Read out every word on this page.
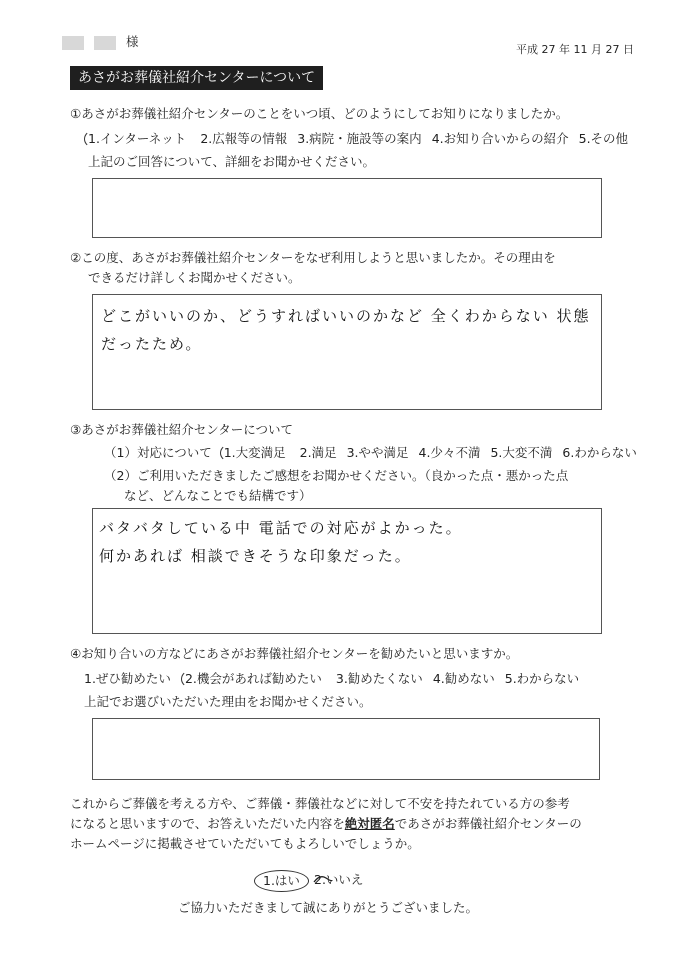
様
平成 27 年 11 月 27 日
あさがお葬儀社紹介センターについて
①あさがお葬儀社紹介センターのことをいつ頃、どのようにしてお知りになりましたか。
1.インターネット 2.広報等の情報 3.病院・施設等の案内 4.お知り合いからの紹介 5.その他
上記のご回答について、詳細をお聞かせください。
②この度、あさがお葬儀社紹介センターをなぜ利用しようと思いましたか。その理由を
できるだけ詳しくお聞かせください。
どこがいいのか、どうすればいいのかなど 全くわからない 状態
だったため。
③あさがお葬儀社紹介センターについて
（1）対応について 1.大変満足 2.満足 3.やや満足 4.少々不満 5.大変不満 6.わからない
（2）ご利用いただきましたご感想をお聞かせください。（良かった点・悪かった点
など、どんなことでも結構です）
バタバタしている中 電話での対応がよかった。
何かあれば 相談できそうな印象だった。
④お知り合いの方などにあさがお葬儀社紹介センターを勧めたいと思いますか。
1.ぜひ勧めたい 2.機会があれば勧めたい 3.勧めたくない 4.勧めない 5.わからない
上記でお選びいただいた理由をお聞かせください。
これからご葬儀を考える方や、ご葬儀・葬儀社などに対して不安を持たれている方の参考
になると思いますので、お答えいただいた内容を絶対匿名であさがお葬儀社紹介センターの
ホームページに掲載させていただいてもよろしいでしょうか。
1.はい	2.いいえ
ご協力いただきまして誠にありがとうございました。
